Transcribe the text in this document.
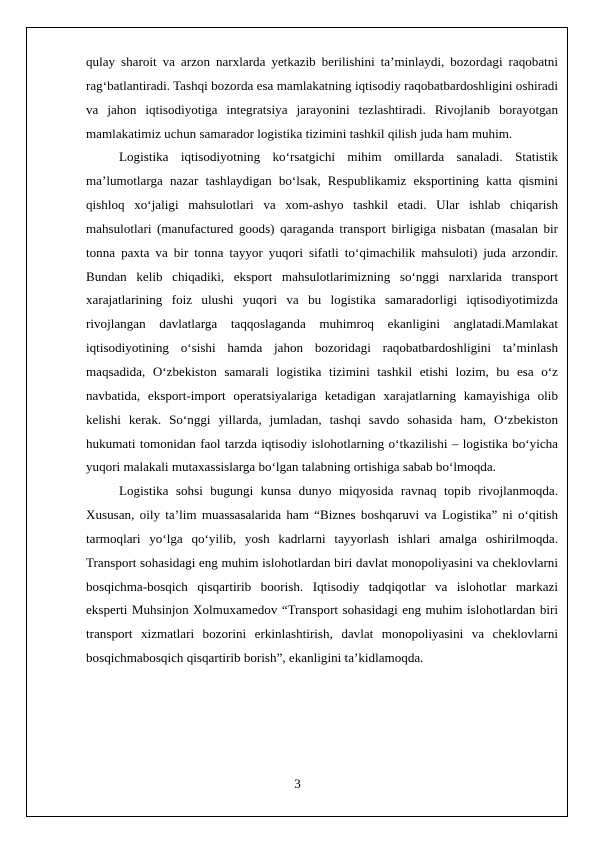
qulay sharoit va arzon narxlarda yetkazib berilishini ta’minlaydi, bozordagi raqobatni rag‘batlantiradi. Tashqi bozorda esa mamlakatning iqtisodiy raqobatbardoshligini oshiradi va jahon iqtisodiyotiga integratsiya jarayonini tezlashtiradi. Rivojlanib borayotgan mamlakatimiz uchun samarador logistika tizimini tashkil qilish juda ham muhim.

Logistika iqtisodiyotning ko‘rsatgichi mihim omillarda sanaladi. Statistik ma’lumotlarga nazar tashlaydigan bo‘lsak, Respublikamiz eksportining katta qismini qishloq xo‘jaligi mahsulotlari va xom-ashyo tashkil etadi. Ular ishlab chiqarish mahsulotlari (manufactured goods) qaraganda transport birligiga nisbatan (masalan bir tonna paxta va bir tonna tayyor yuqori sifatli to‘qimachilik mahsuloti) juda arzondir. Bundan kelib chiqadiki, eksport mahsulotlarimizning so‘nggi narxlarida transport xarajatlarining foiz ulushi yuqori va bu logistika samaradorligi iqtisodiyotimizda rivojlangan davlatlarga taqqoslaganda muhimroq ekanligini anglatadi.Mamlakat iqtisodiyotining o‘sishi hamda jahon bozoridagi raqobatbardoshligini ta’minlash maqsadida, O‘zbekiston samarali logistika tizimini tashkil etishi lozim, bu esa o‘z navbatida, eksport-import operatsiyalariga ketadigan xarajatlarning kamayishiga olib kelishi kerak. So‘nggi yillarda, jumladan, tashqi savdo sohasida ham, O‘zbekiston hukumati tomonidan faol tarzda iqtisodiy islohotlarning o‘tkazilishi – logistika bo‘yicha yuqori malakali mutaxassislarga bo‘lgan talabning ortishiga sabab bo‘lmoqda.

Logistika sohsi bugungi kunsa dunyo miqyosida ravnaq topib rivojlanmoqda. Xususan, oily ta’lim muassasalarida ham “Biznes boshqaruvi va Logistika” ni o‘qitish tarmoqlari yo‘lga qo‘yilib, yosh kadrlarni tayyorlash ishlari amalga oshirilmoqda. Transport sohasidagi eng muhim islohotlardan biri davlat monopoliyasini va cheklovlarni bosqichma-bosqich qisqartirib boorish. Iqtisodiy tadqiqotlar va islohotlar markazi eksperti Muhsinjon Xolmuxamedov “Transport sohasidagi eng muhim islohotlardan biri transport xizmatlari bozorini erkinlashtirish, davlat monopoliyasini va cheklovlarni bosqichmabosqich qisqartirib borish”, ekanligini ta’kidlamoqda.

3
